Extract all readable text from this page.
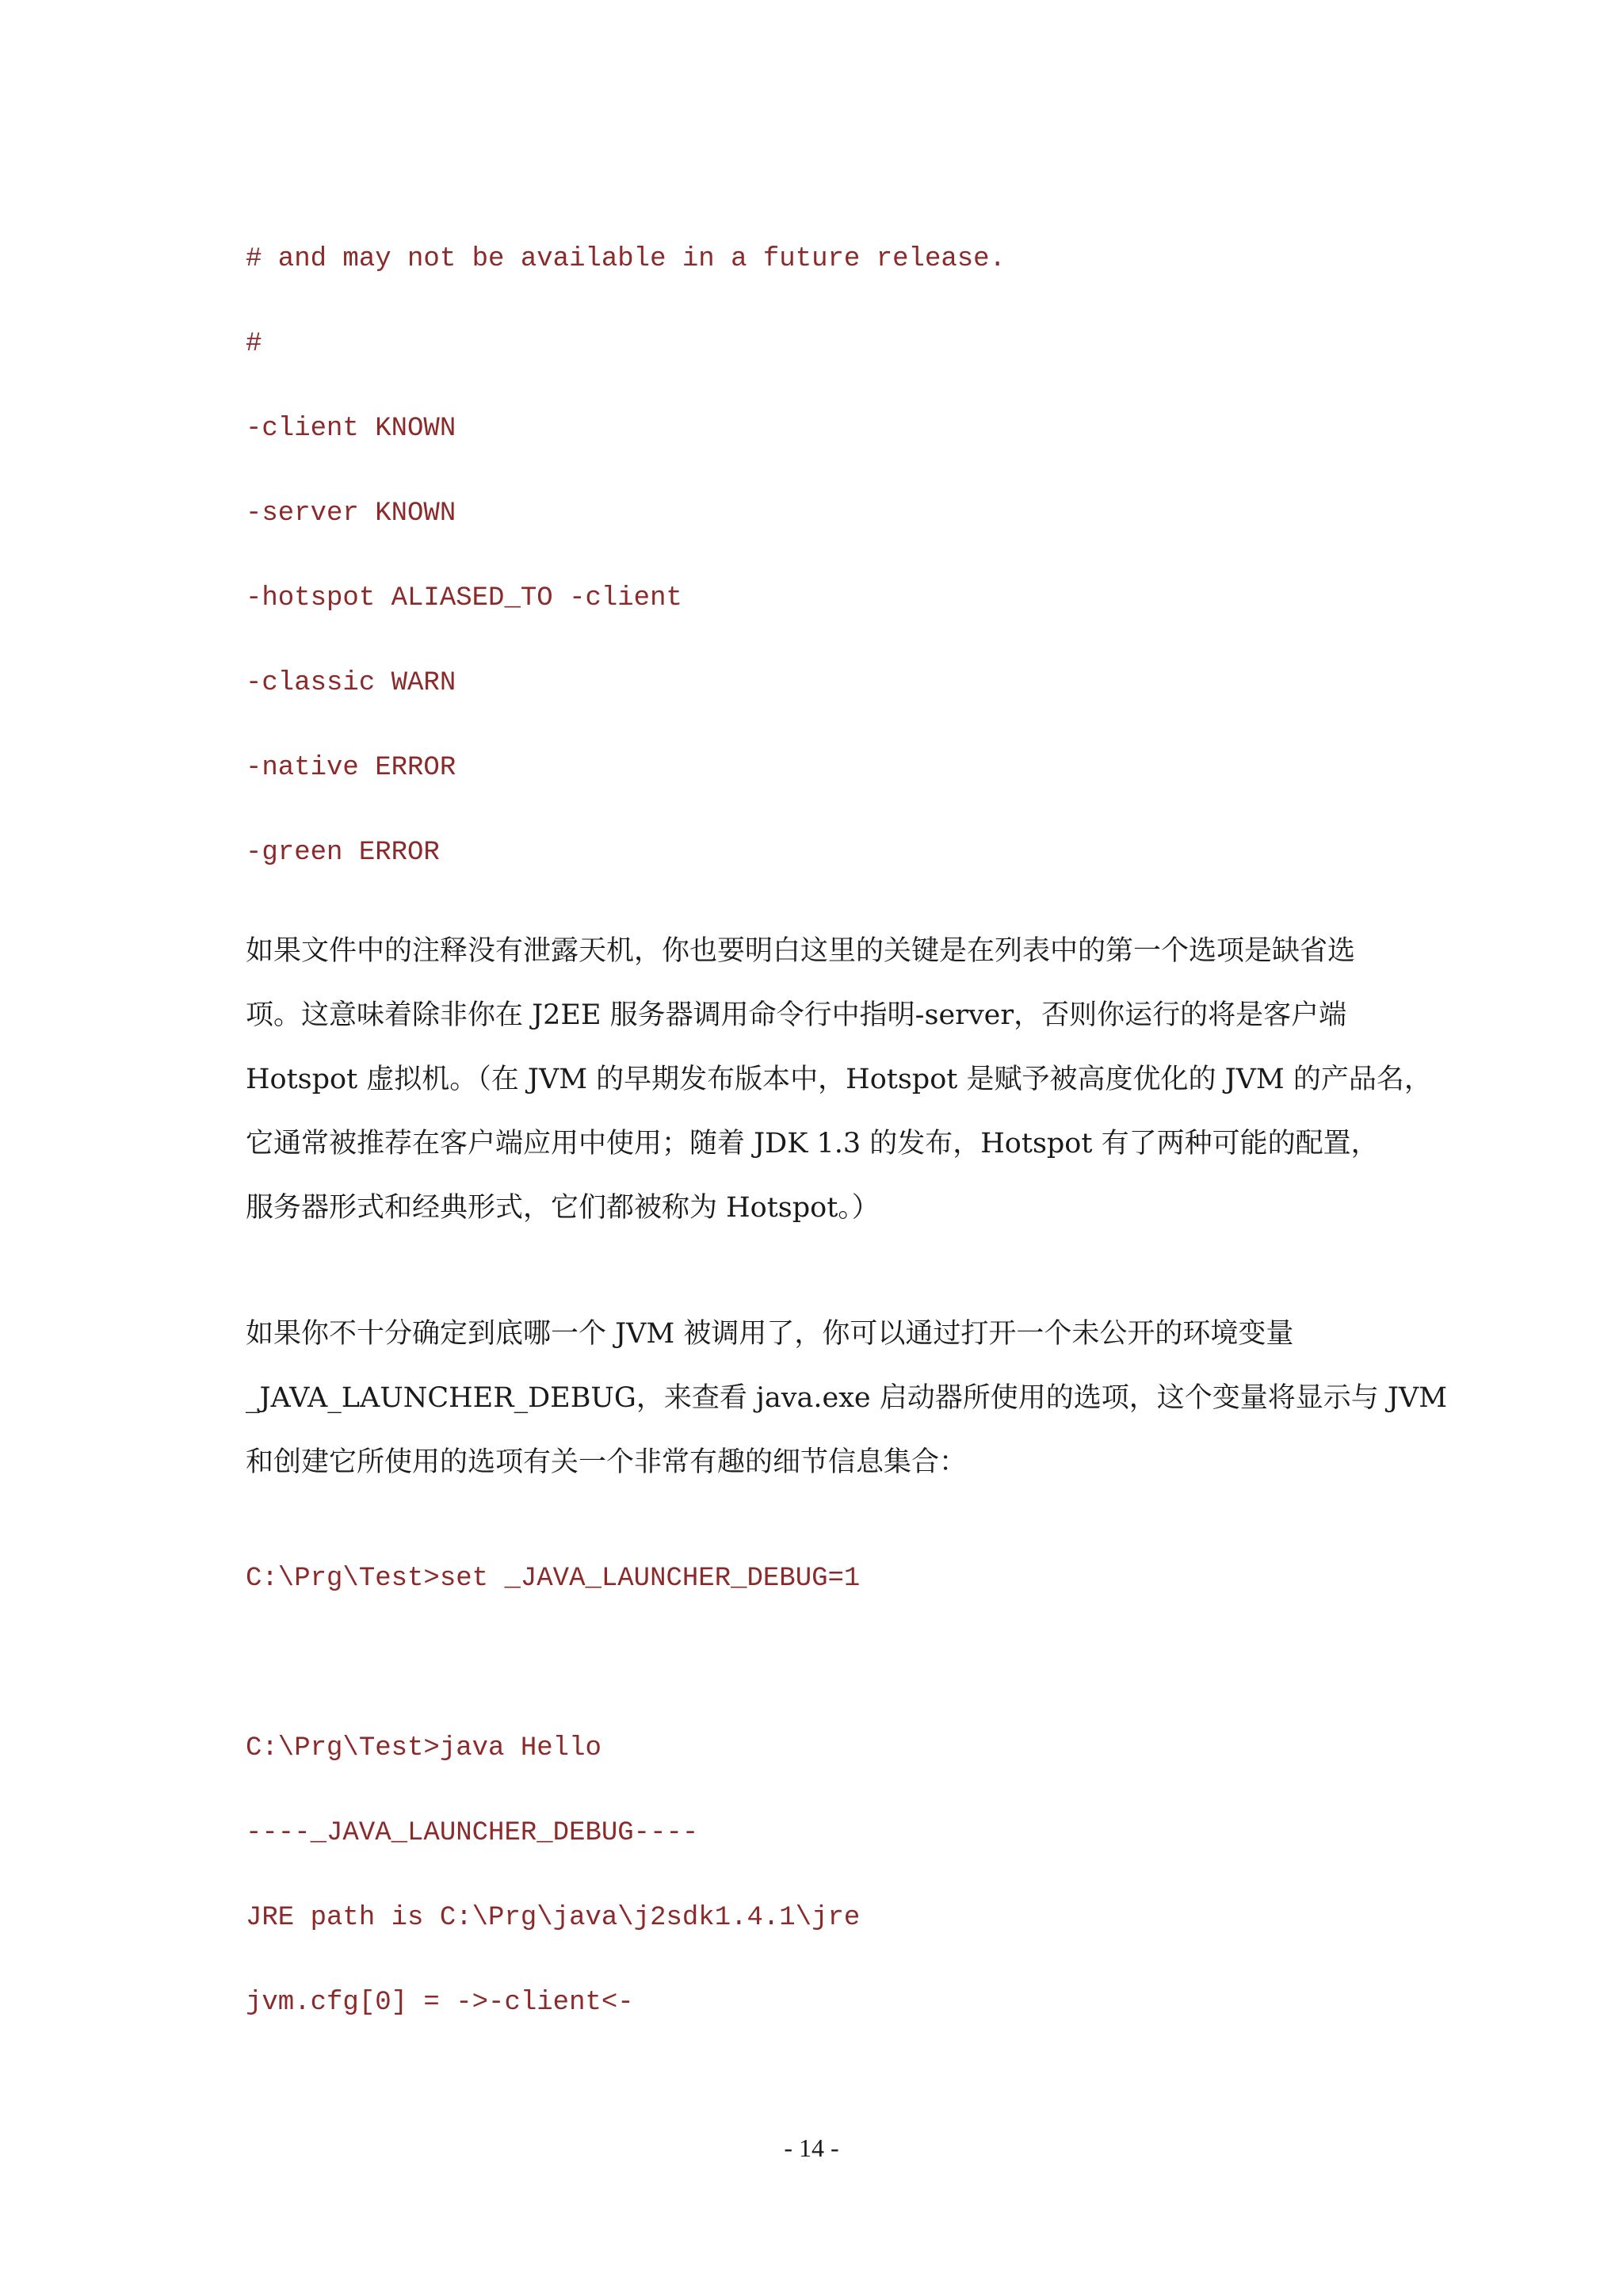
# and may not be available in a future release.
#
-client KNOWN
-server KNOWN
-hotspot ALIASED_TO -client
-classic WARN
-native ERROR
-green ERROR
如果文件中的注释没有泄露天机，你也要明白这里的关键是在列表中的第一个选项是缺省选
项。这意味着除非你在 J2EE 服务器调用命令行中指明-server，否则你运行的将是客户端
Hotspot 虚拟机。（在 JVM 的早期发布版本中，Hotspot 是赋予被高度优化的 JVM 的产品名，
它通常被推荐在客户端应用中使用；随着 JDK 1.3 的发布，Hotspot 有了两种可能的配置，
服务器形式和经典形式，它们都被称为 Hotspot。）
如果你不十分确定到底哪一个 JVM 被调用了，你可以通过打开一个未公开的环境变量
_JAVA_LAUNCHER_DEBUG，来查看 java.exe 启动器所使用的选项，这个变量将显示与 JVM
和创建它所使用的选项有关一个非常有趣的细节信息集合：
C:\Prg\Test>set _JAVA_LAUNCHER_DEBUG=1
C:\Prg\Test>java Hello
----_JAVA_LAUNCHER_DEBUG----
JRE path is C:\Prg\java\j2sdk1.4.1\jre
jvm.cfg[0] = ->-client<-
- 14 -
